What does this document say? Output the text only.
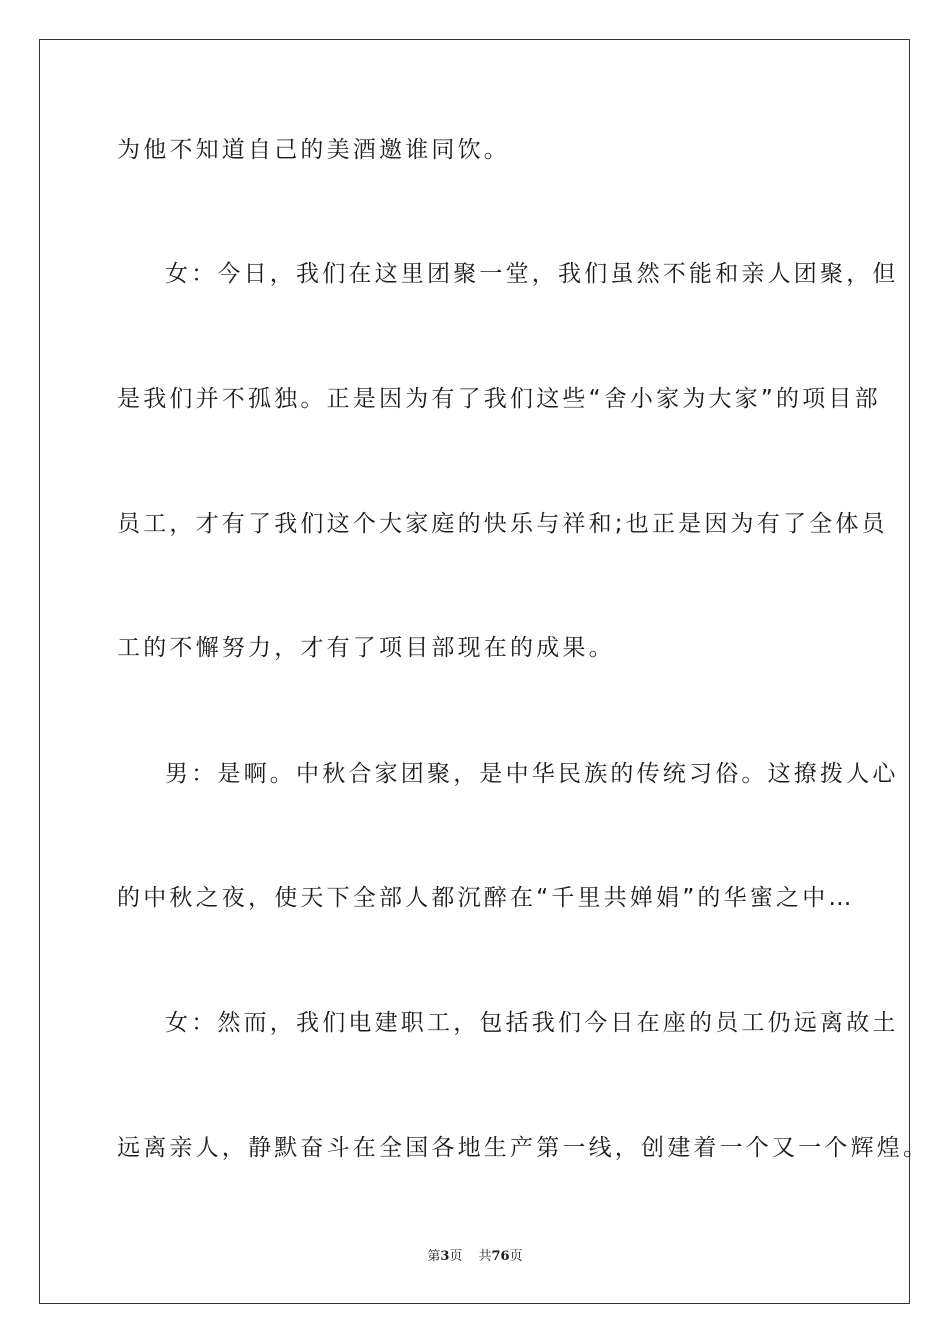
为他不知道自己的美酒邀谁同饮。
女：今日，我们在这里团聚一堂，我们虽然不能和亲人团聚，但
是我们并不孤独。正是因为有了我们这些“舍小家为大家”的项目部
员工，才有了我们这个大家庭的快乐与祥和;也正是因为有了全体员
工的不懈努力，才有了项目部现在的成果。
男：是啊。中秋合家团聚，是中华民族的传统习俗。这撩拨人心
的中秋之夜，使天下全部人都沉醉在“千里共婵娟”的华蜜之中…
女：然而，我们电建职工，包括我们今日在座的员工仍远离故土
远离亲人，静默奋斗在全国各地生产第一线，创建着一个又一个辉煌。
第3页 共76页
